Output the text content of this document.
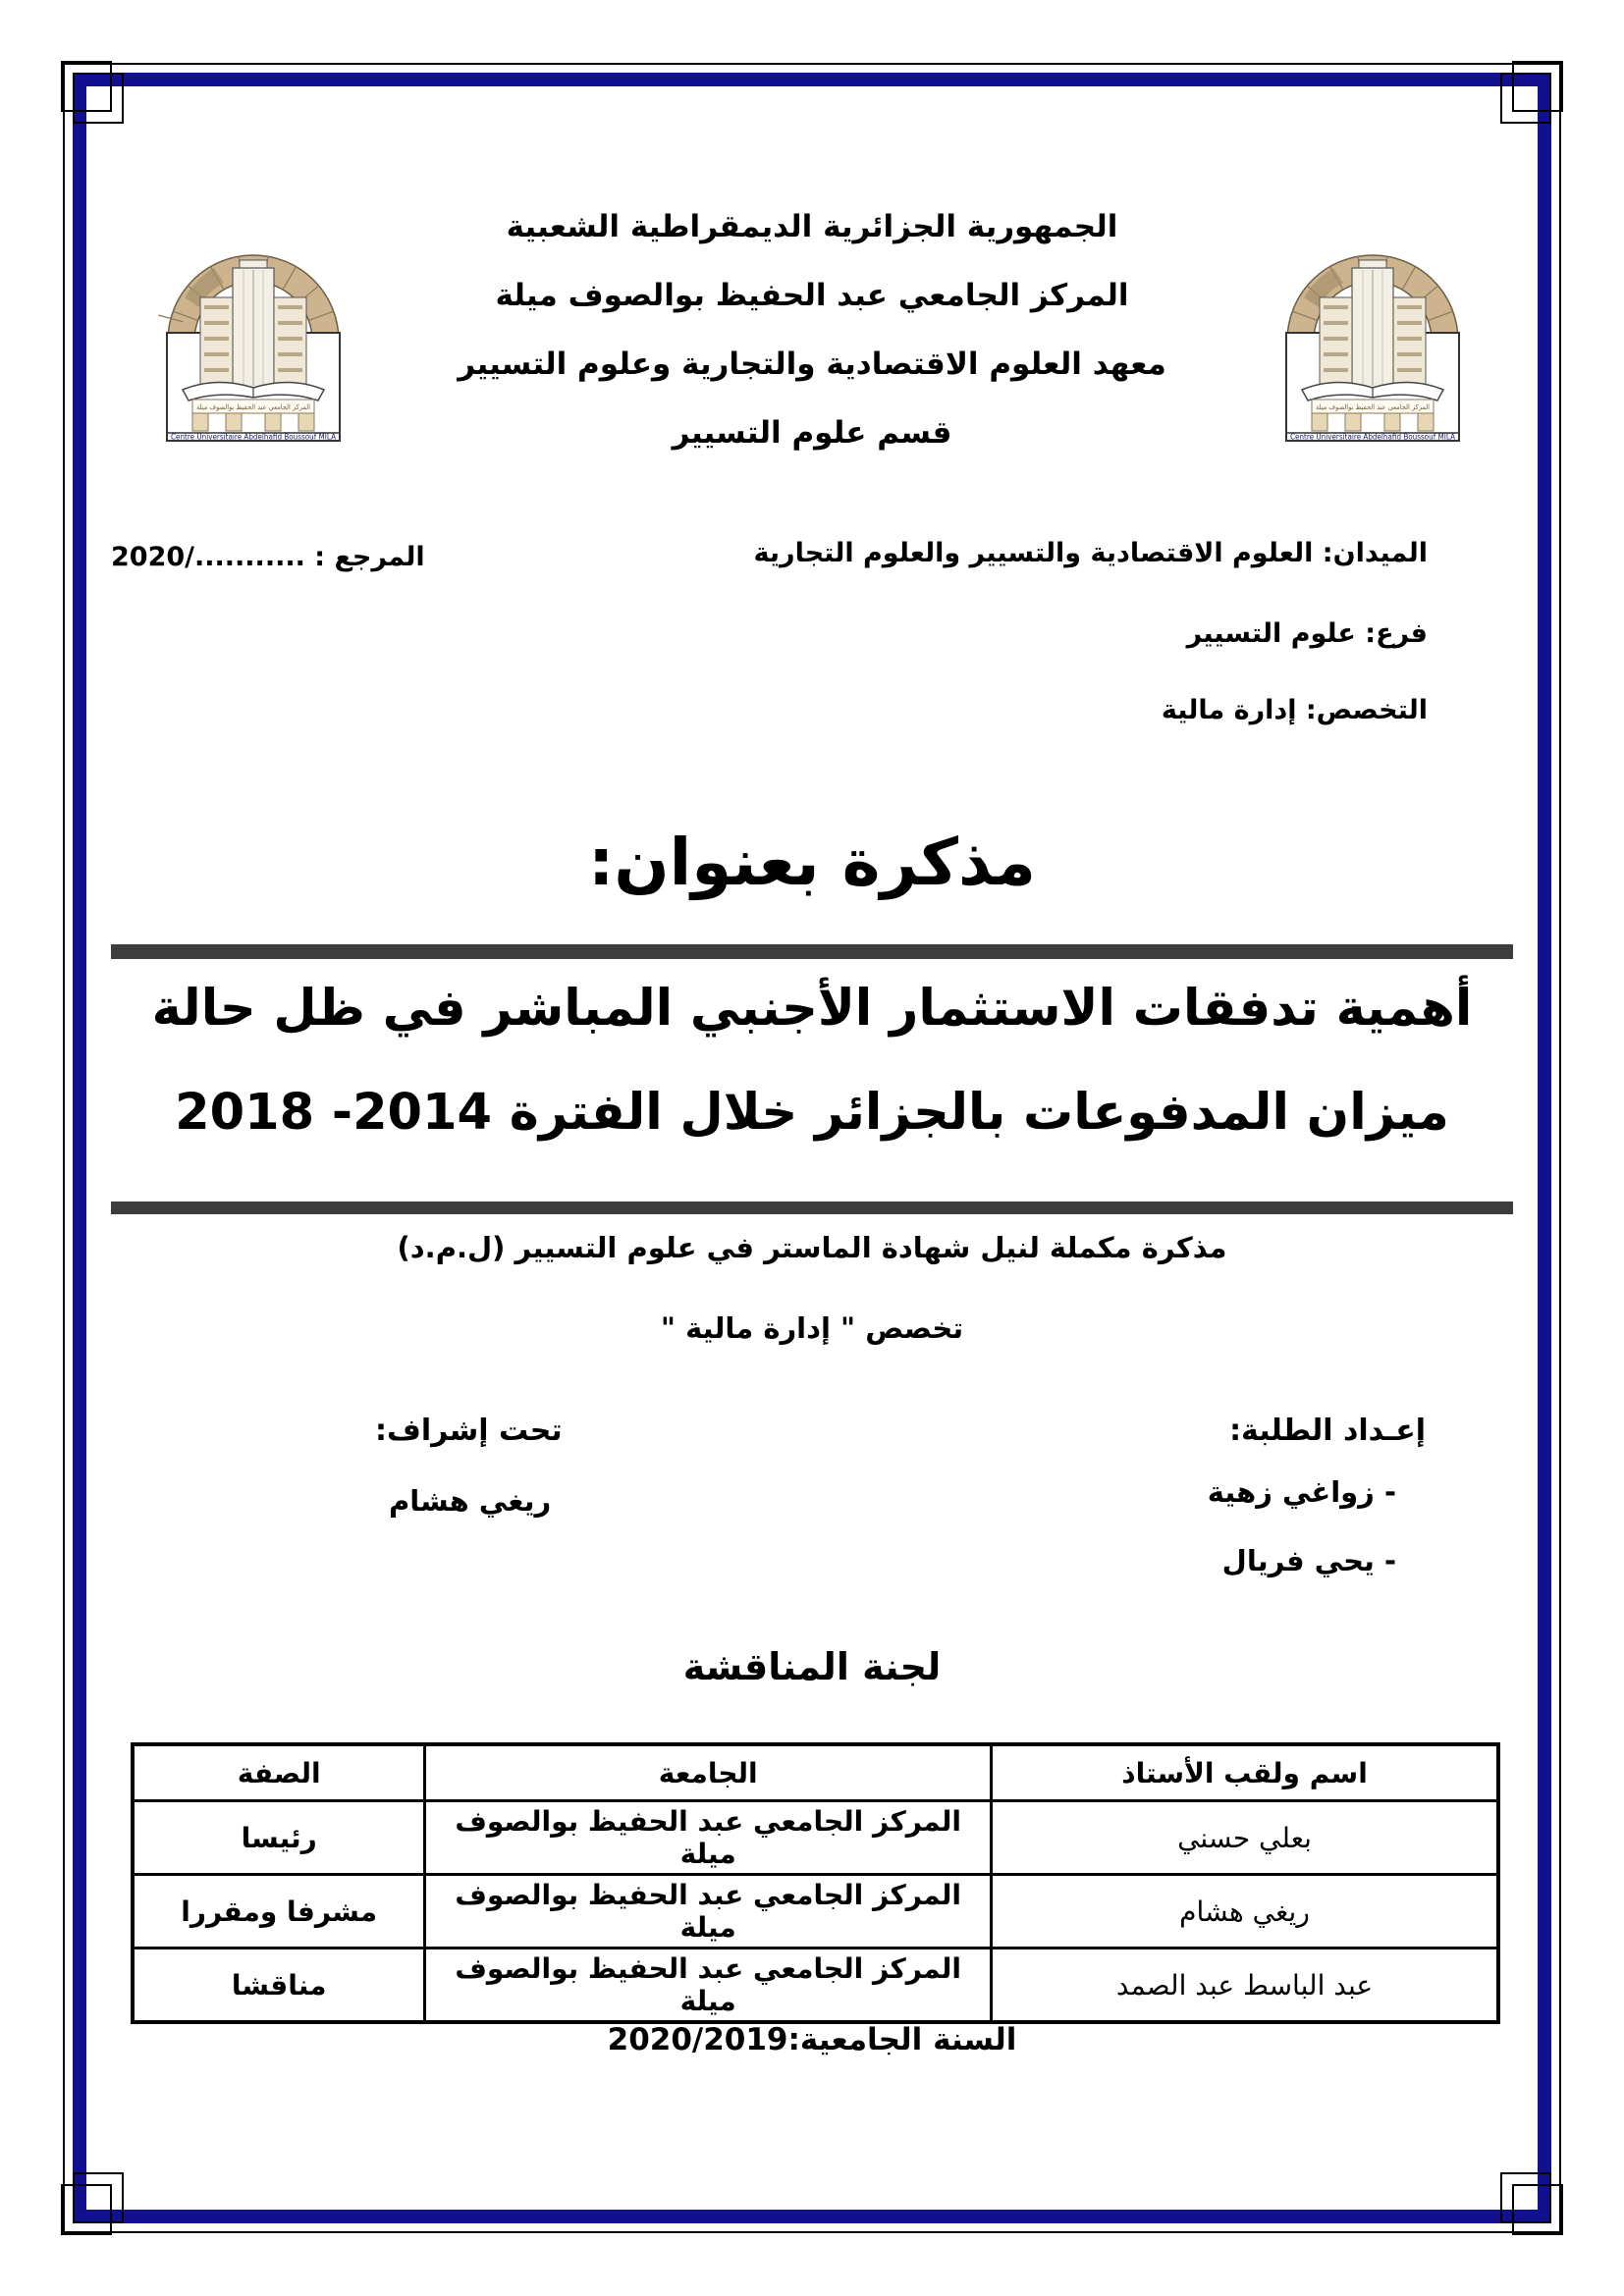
الجمهورية الجزائرية الديمقراطية الشعبية
المركز الجامعي عبد الحفيظ بوالصوف ميلة
معهد العلوم الاقتصادية والتجارية وعلوم التسيير
قسم علوم التسيير
المركز الجامعي عبد الحفيظ بوالصوف ميلة
Centre Universitaire Abdelhafid Boussouf MILA
المركز الجامعي عبد الحفيظ بوالصوف ميلة
Centre Universitaire Abdelhafid Boussouf MILA
الميدان: العلوم الاقتصادية والتسيير والعلوم التجارية
المرجع : .........../2020
فرع: علوم التسيير
التخصص: إدارة مالية
مذكرة بعنوان:
أهمية تدفقات الاستثمار الأجنبي المباشر في ظل حالة
ميزان المدفوعات بالجزائر خلال الفترة 2014- 2018
مذكرة مكملة لنيل شهادة الماستر في علوم التسيير (ل.م.د)
تخصص " إدارة مالية "
إعـداد الطلبة:
تحت إشراف:
- زواغي زهية
- يحي فريال
ريغي هشام
لجنة المناقشة
اسم ولقب الأستاذ	الجامعة	الصفة
بعلي حسني	المركز الجامعي عبد الحفيظ بوالصوف ميلة	رئيسا
ريغي هشام	المركز الجامعي عبد الحفيظ بوالصوف ميلة	مشرفا ومقررا
عبد الباسط عبد الصمد	المركز الجامعي عبد الحفيظ بوالصوف ميلة	مناقشا
السنة الجامعية:2020/2019
